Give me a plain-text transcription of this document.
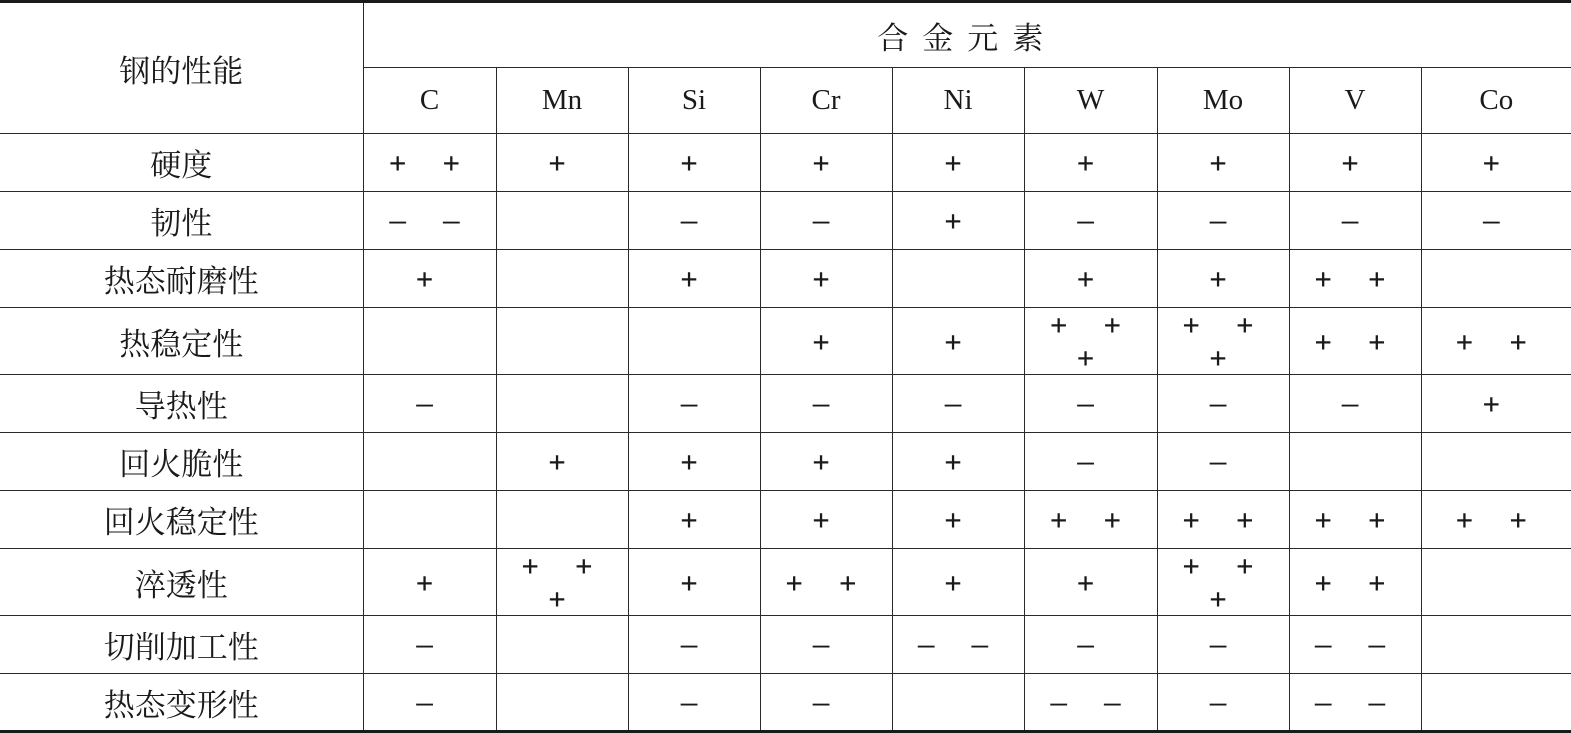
钢的性能	合金元素								
	C	Mn	Si	Cr	Ni	W	Mo	V	Co
硬度	+ +	+	+	+	+	+	+	+	+
韧性	– –		–	–	+	–	–	–	–
热态耐磨性	+		+	+		+	+	+ +	
热稳定性				+	+	+ + +	+ + +	+ +	+ +
导热性	–		–	–	–	–	–	–	+
回火脆性		+	+	+	+	–	–		
回火稳定性			+	+	+	+ +	+ +	+ +	+ +
淬透性	+	+ + +	+	+ +	+	+	+ + +	+ +	
切削加工性	–		–	–	– –	–	–	– –	
热态变形性	–		–	–		– –	–	– –	
